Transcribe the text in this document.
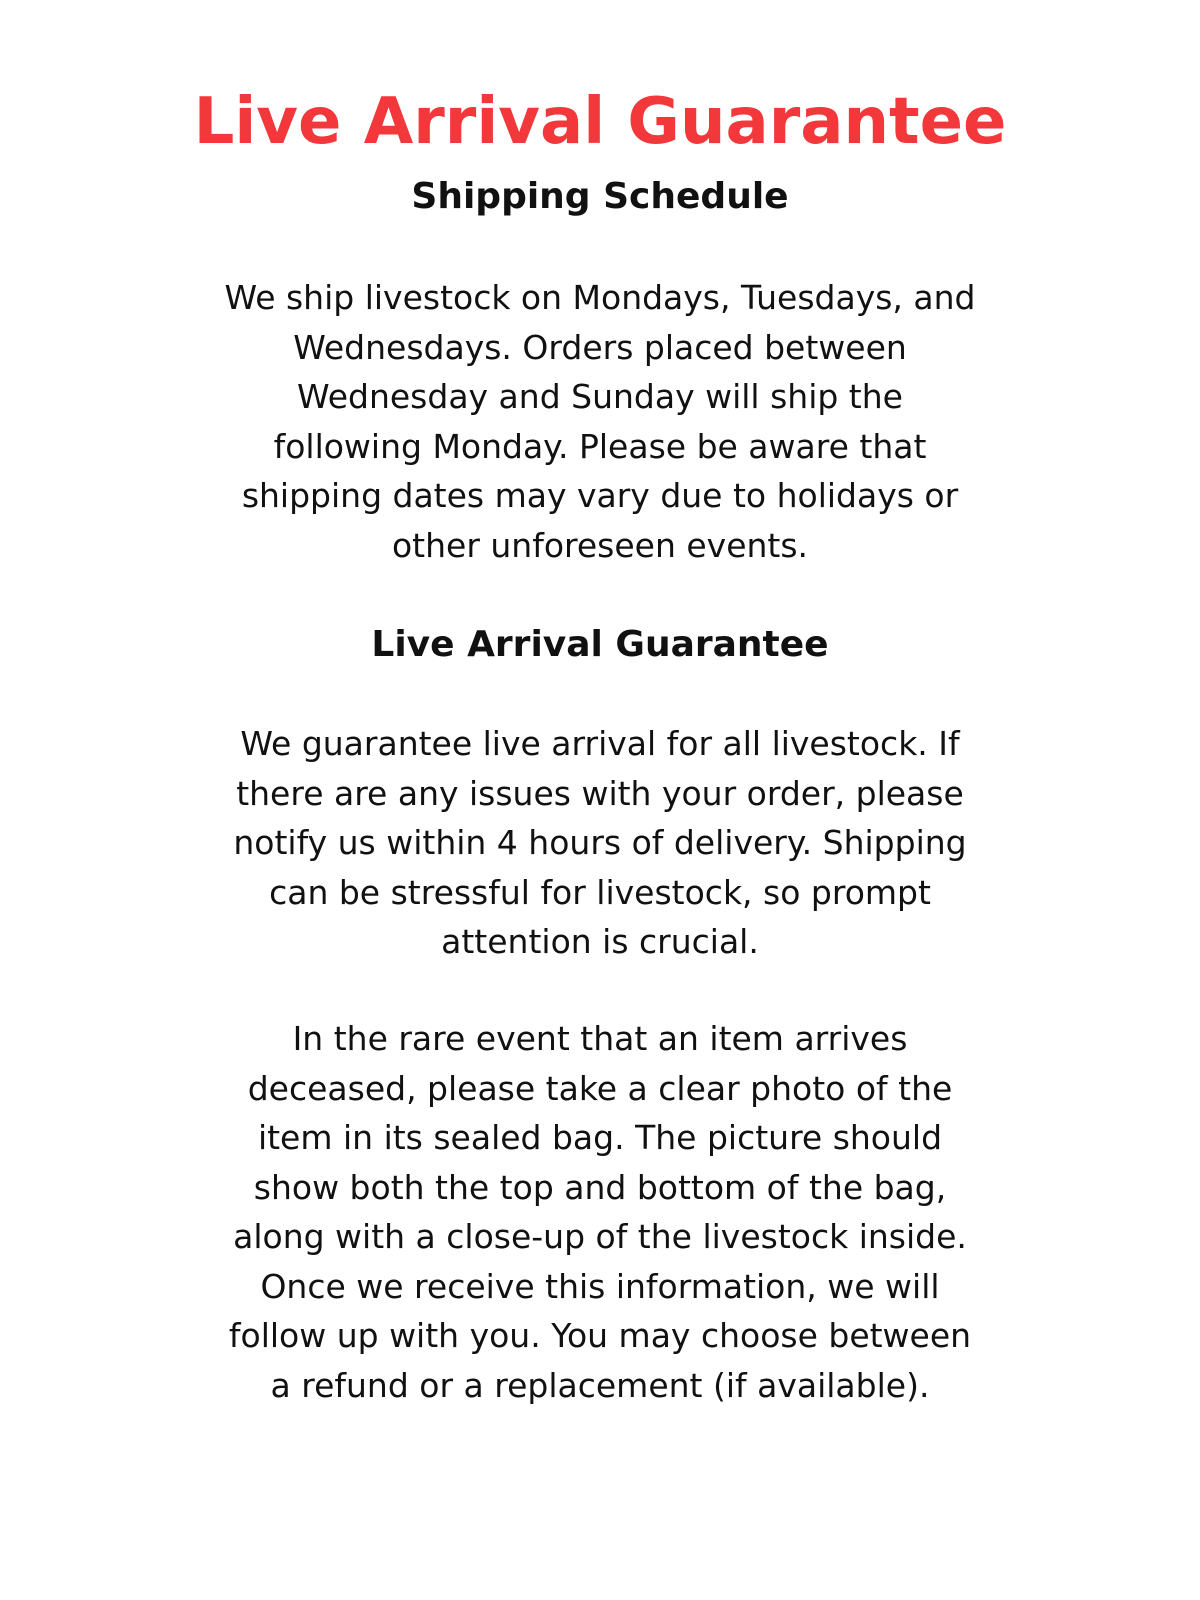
Live Arrival Guarantee
Shipping Schedule

We ship livestock on Mondays, Tuesdays, and
Wednesdays. Orders placed between
Wednesday and Sunday will ship the
following Monday. Please be aware that
shipping dates may vary due to holidays or
other unforeseen events.

Live Arrival Guarantee

We guarantee live arrival for all livestock. If
there are any issues with your order, please
notify us within 4 hours of delivery. Shipping
can be stressful for livestock, so prompt
attention is crucial.

In the rare event that an item arrives
deceased, please take a clear photo of the
item in its sealed bag. The picture should
show both the top and bottom of the bag,
along with a close-up of the livestock inside.
Once we receive this information, we will
follow up with you. You may choose between
a refund or a replacement (if available).
